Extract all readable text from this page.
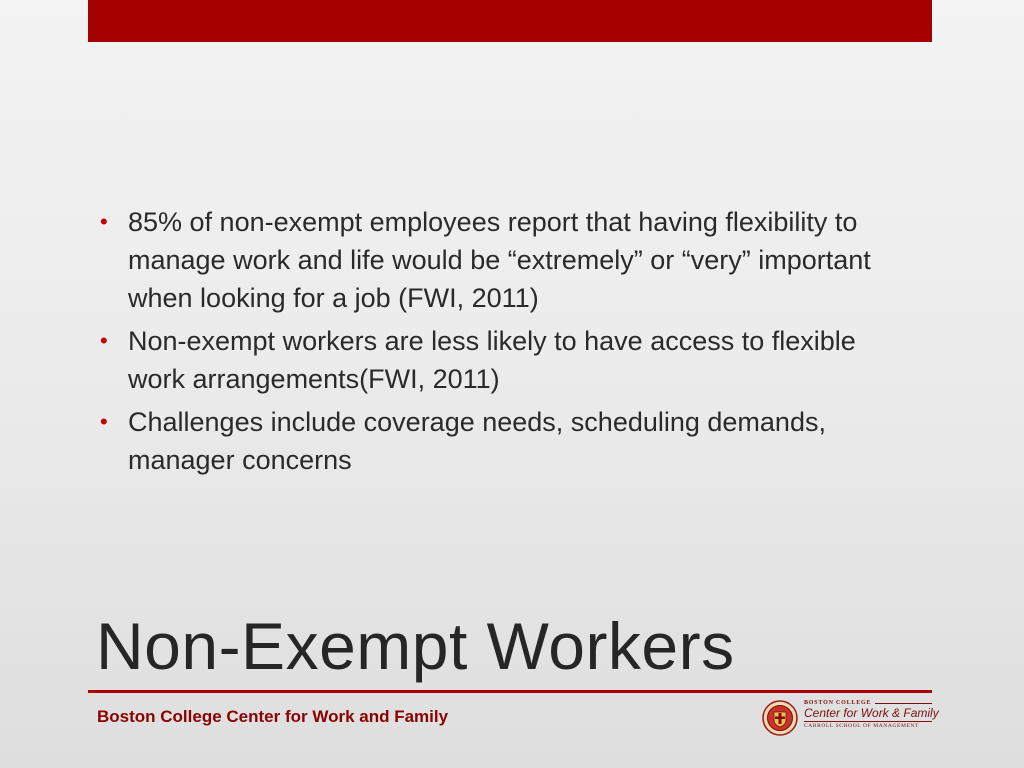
• 85% of non-exempt employees report that having flexibility to manage work and life would be “extremely” or “very” important when looking for a job (FWI, 2011)
• Non-exempt workers are less likely to have access to flexible work arrangements(FWI, 2011)
• Challenges include coverage needs, scheduling demands, manager concerns
Non-Exempt Workers
Boston College Center for Work and Family
BOSTON COLLEGE
Center for Work & Family
CARROLL SCHOOL OF MANAGEMENT
